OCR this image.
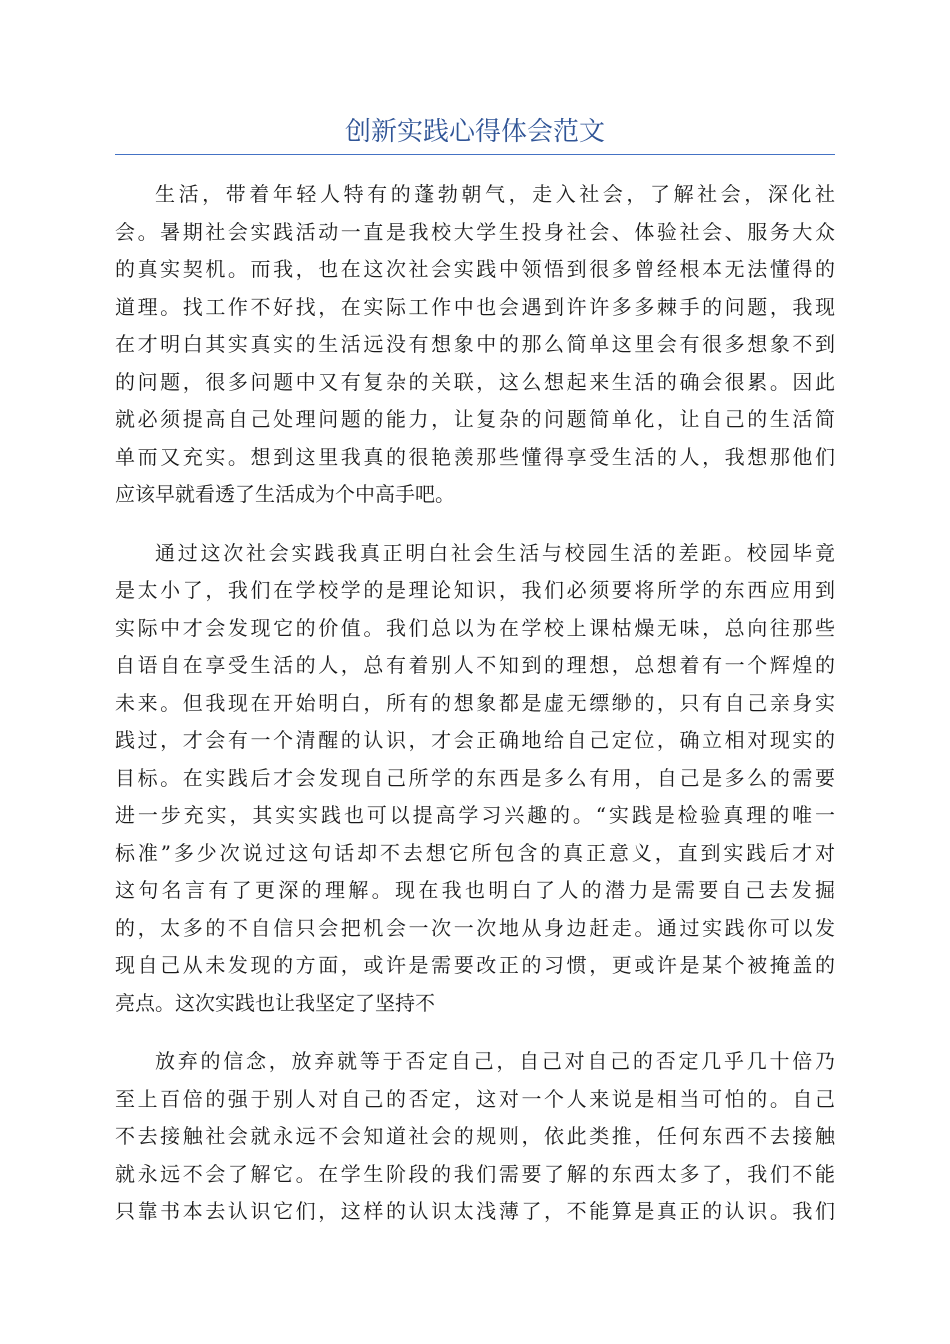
创新实践心得体会范文

生活，带着年轻人特有的蓬勃朝气，走入社会，了解社会，深化社
会。暑期社会实践活动一直是我校大学生投身社会、体验社会、服务大众
的真实契机。而我，也在这次社会实践中领悟到很多曾经根本无法懂得的
道理。找工作不好找，在实际工作中也会遇到许许多多棘手的问题，我现
在才明白其实真实的生活远没有想象中的那么简单这里会有很多想象不到
的问题，很多问题中又有复杂的关联，这么想起来生活的确会很累。因此
就必须提高自己处理问题的能力，让复杂的问题简单化，让自己的生活简
单而又充实。想到这里我真的很艳羡那些懂得享受生活的人，我想那他们
应该早就看透了生活成为个中高手吧。

通过这次社会实践我真正明白社会生活与校园生活的差距。校园毕竟
是太小了，我们在学校学的是理论知识，我们必须要将所学的东西应用到
实际中才会发现它的价值。我们总以为在学校上课枯燥无味，总向往那些
自语自在享受生活的人，总有着别人不知到的理想，总想着有一个辉煌的
未来。但我现在开始明白，所有的想象都是虚无缥缈的，只有自己亲身实
践过，才会有一个清醒的认识，才会正确地给自己定位，确立相对现实的
目标。在实践后才会发现自己所学的东西是多么有用，自己是多么的需要
进一步充实，其实实践也可以提高学习兴趣的。“实践是检验真理的唯一
标准”多少次说过这句话却不去想它所包含的真正意义，直到实践后才对
这句名言有了更深的理解。现在我也明白了人的潜力是需要自己去发掘
的，太多的不自信只会把机会一次一次地从身边赶走。通过实践你可以发
现自己从未发现的方面，或许是需要改正的习惯，更或许是某个被掩盖的
亮点。这次实践也让我坚定了坚持不

放弃的信念，放弃就等于否定自己，自己对自己的否定几乎几十倍乃
至上百倍的强于别人对自己的否定，这对一个人来说是相当可怕的。自己
不去接触社会就永远不会知道社会的规则，依此类推，任何东西不去接触
就永远不会了解它。在学生阶段的我们需要了解的东西太多了，我们不能
只靠书本去认识它们，这样的认识太浅薄了，不能算是真正的认识。我们
